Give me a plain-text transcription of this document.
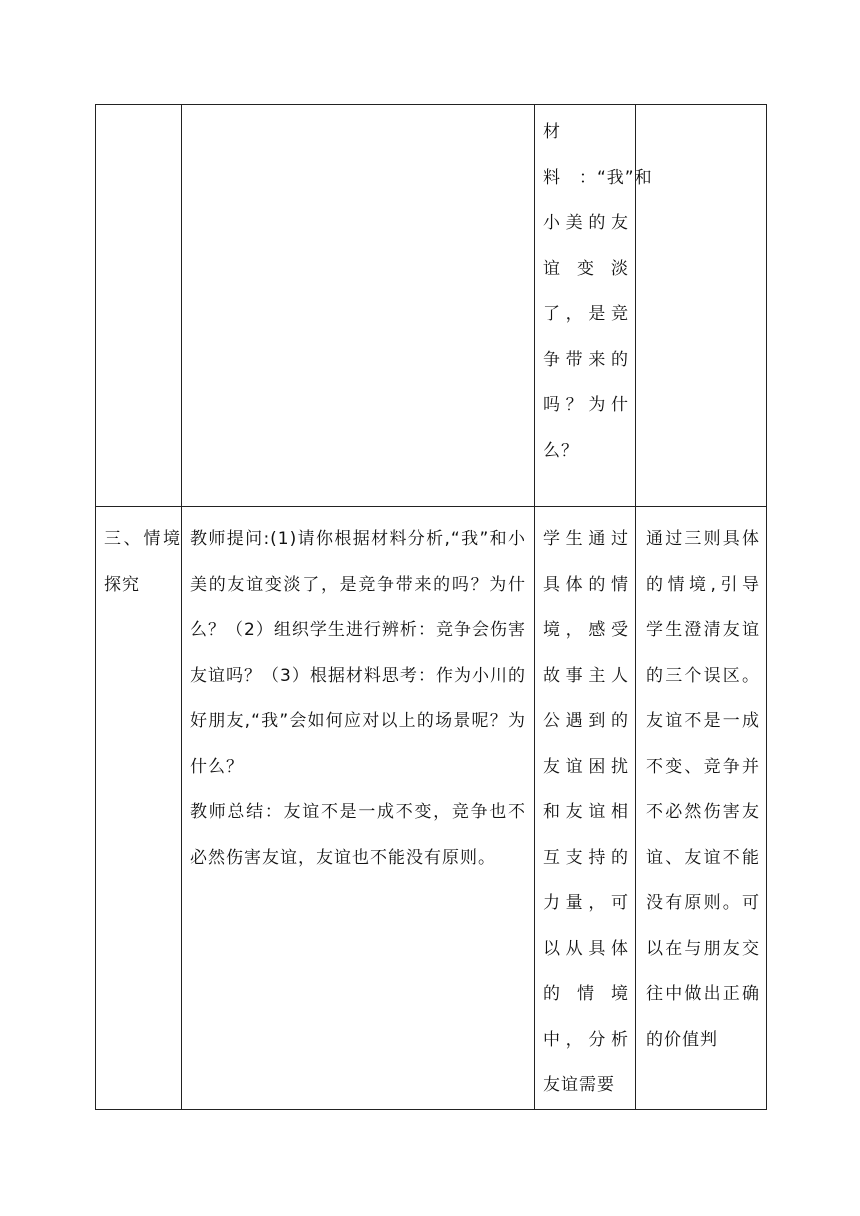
		材　料　：“我”和小美的友谊变淡了，是竞争带来的吗？为什么？	

三、情境探究	教师提问:(1)请你根据材料分析,“我”和小美的友谊变淡了，是竞争带来的吗？为什么？（2）组织学生进行辨析：竞争会伤害友谊吗？（3）根据材料思考：作为小川的好朋友,“我”会如何应对以上的场景呢？为什么？
教师总结：友谊不是一成不变，竞争也不必然伤害友谊，友谊也不能没有原则。	学生通过具体的情境，感受故事主人公遇到的友谊困扰和友谊相互支持的力量，可以从具体的情境中，分析友谊需要	通过三则具体的情境,引导学生澄清友谊的三个误区。友谊不是一成不变、竞争并不必然伤害友谊、友谊不能没有原则。可以在与朋友交往中做出正确的价值判
